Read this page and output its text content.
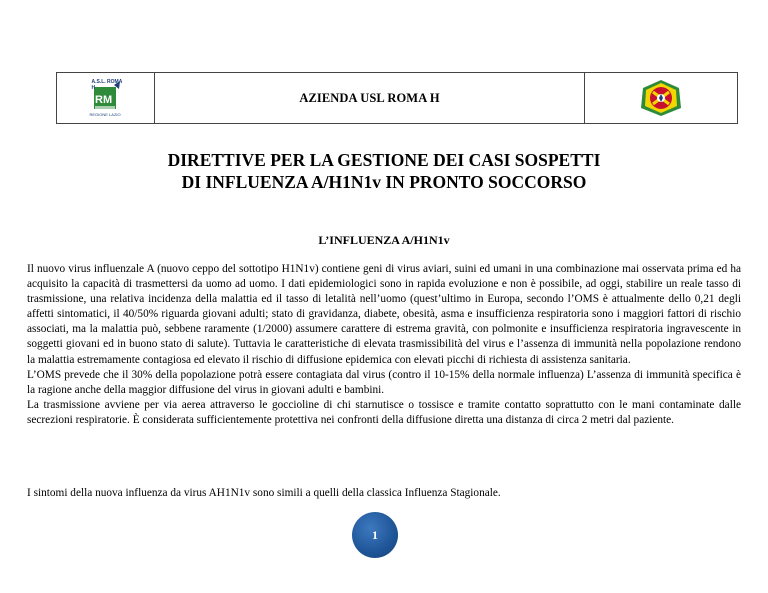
A.S.L. ROMA H
RM
REGIONE LAZIO
AZIENDA USL ROMA H
DIRETTIVE PER LA GESTIONE DEI CASI SOSPETTI
DI INFLUENZA A/H1N1v IN PRONTO SOCCORSO
L’INFLUENZA A/H1N1v

Il nuovo virus influenzale A (nuovo ceppo del sottotipo H1N1v) contiene geni di virus aviari, suini ed umani in una combinazione mai osservata prima ed ha acquisito la capacità di trasmettersi da uomo ad uomo. I dati epidemiologici sono in rapida evoluzione e non è possibile, ad oggi, stabilire un reale tasso di trasmissione, una relativa incidenza della malattia ed il tasso di letalità nell’uomo (quest’ultimo in Europa, secondo l’OMS è attualmente dello 0,21 degli affetti sintomatici, il 40/50% riguarda giovani adulti; stato di gravidanza, diabete, obesità, asma e insufficienza respiratoria sono i maggiori fattori di rischio associati, ma la malattia può, sebbene raramente (1/2000) assumere carattere di estrema gravità, con polmonite e insufficienza respiratoria ingravescente in soggetti giovani ed in buono stato di salute). Tuttavia le caratteristiche di elevata trasmissibilità del virus e l’assenza di immunità nella popolazione rendono la malattia estremamente contagiosa ed elevato il rischio di diffusione epidemica con elevati picchi di richiesta di assistenza sanitaria.

L’OMS prevede che il 30% della popolazione potrà essere contagiata dal virus (contro il 10-15% della normale influenza) L’assenza di immunità specifica è la ragione anche della maggior diffusione del virus in giovani adulti e bambini.

La trasmissione avviene per via aerea attraverso le goccioline di chi starnutisce o tossisce e tramite contatto soprattutto con le mani contaminate dalle secrezioni respiratorie. È considerata sufficientemente protettiva nei confronti della diffusione diretta una distanza di circa 2 metri dal paziente.

I sintomi della nuova influenza da virus AH1N1v sono simili a quelli della classica Influenza Stagionale.
1
